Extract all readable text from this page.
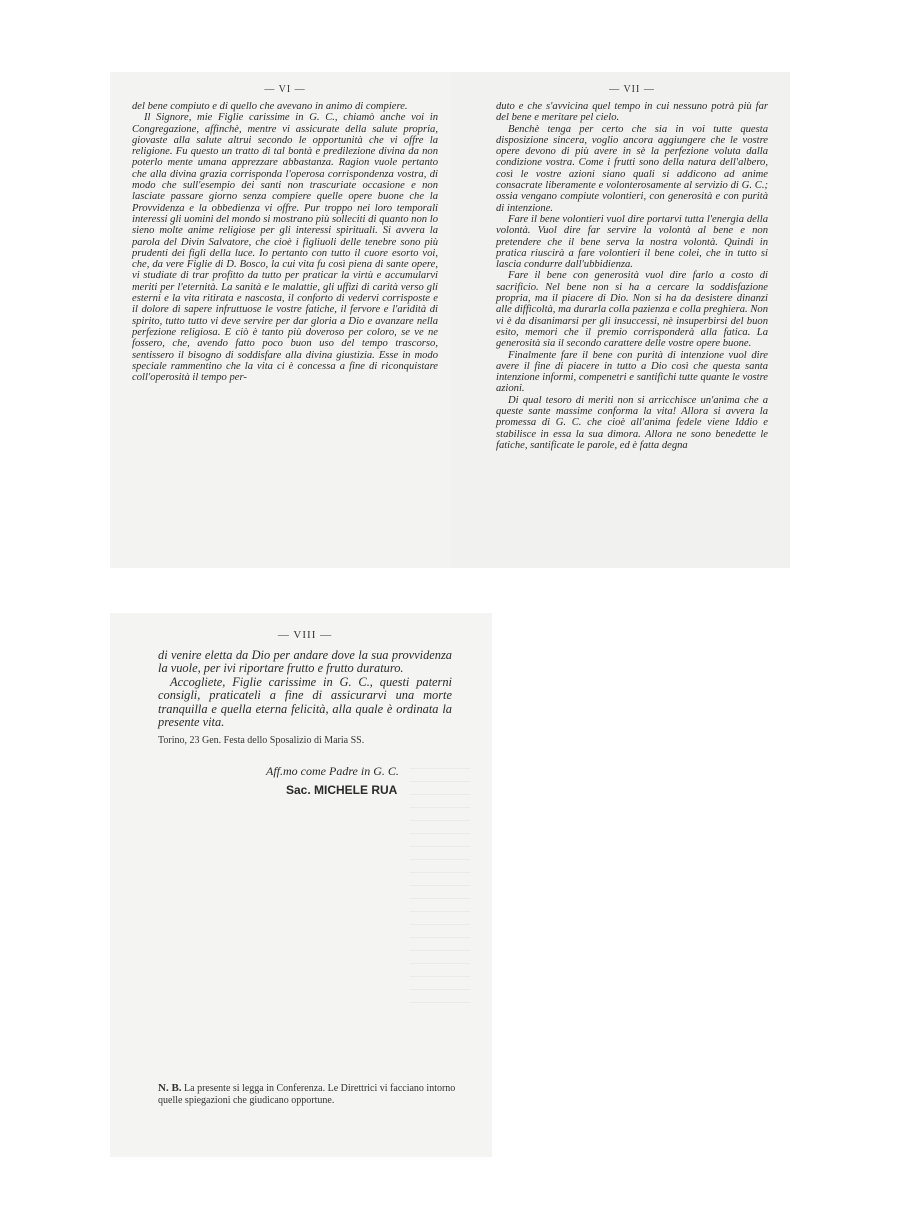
— VI —

del bene compiuto e di quello che avevano in animo di compiere.

Il Signore, mie Figlie carissime in G. C., chiamò anche voi in Congregazione, affinchè, mentre vi assicurate della salute propria, giovaste alla salute altrui secondo le opportunità che vi offre la religione. Fu questo un tratto di tal bontà e predilezione divina da non poterlo mente umana apprezzare abbastanza. Ragion vuole pertanto che alla divina grazia corrisponda l'operosa corrispondenza vostra, di modo che sull'esempio dei santi non trascuriate occasione e non lasciate passare giorno senza compiere quelle opere buone che la Provvidenza e la obbedienza vi offre. Pur troppo nei loro temporali interessi gli uomini del mondo si mostrano più solleciti di quanto non lo sieno molte anime religiose per gli interessi spirituali. Si avvera la parola del Divin Salvatore, che cioè i figliuoli delle tenebre sono più prudenti dei figli della luce. Io pertanto con tutto il cuore esorto voi, che, da vere Figlie di D. Bosco, la cui vita fu così piena di sante opere, vi studiate di trar profitto da tutto per praticar la virtù e accumularvi meriti per l'eternità. La sanità e le malattie, gli uffizi di carità verso gli esterni e la vita ritirata e nascosta, il conforto di vedervi corrisposte e il dolore di sapere infruttuose le vostre fatiche, il fervore e l'aridità di spirito, tutto tutto vi deve servire per dar gloria a Dio e avanzare nella perfezione religiosa. E ciò è tanto più doveroso per coloro, se ve ne fossero, che, avendo fatto poco buon uso del tempo trascorso, sentissero il bisogno di soddisfare alla divina giustizia. Esse in modo speciale rammentino che la vita ci è concessa a fine di riconquistare coll'operosità il tempo per-

— VII —

duto e che s'avvicina quel tempo in cui nessuno potrà più far del bene e meritare pel cielo.

Benchè tenga per certo che sia in voi tutte questa disposizione sincera, voglio ancora aggiungere che le vostre opere devono di più avere in sè la perfezione voluta dalla condizione vostra. Come i frutti sono della natura dell'albero, così le vostre azioni siano quali si addicono ad anime consacrate liberamente e volonterosamente al servizio di G. C.; ossia vengano compiute volontieri, con generosità e con purità di intenzione.

Fare il bene volontieri vuol dire portarvi tutta l'energia della volontà. Vuol dire far servire la volontà al bene e non pretendere che il bene serva la nostra volontà. Quindi in pratica riuscirà a fare volontieri il bene colei, che in tutto si lascia condurre dall'ubbidienza.

Fare il bene con generosità vuol dire farlo a costo di sacrificio. Nel bene non si ha a cercare la soddisfazione propria, ma il piacere di Dio. Non si ha da desistere dinanzi alle difficoltà, ma durarla colla pazienza e colla preghiera. Non vi è da disanimarsi per gli insuccessi, nè insuperbirsi del buon esito, memori che il premio corrisponderà alla fatica. La generosità sia il secondo carattere delle vostre opere buone.

Finalmente fare il bene con purità di intenzione vuol dire avere il fine di piacere in tutto a Dio così che questa santa intenzione informi, compenetri e santifichi tutte quante le vostre azioni.

Di qual tesoro di meriti non si arricchisce un'anima che a queste sante massime conforma la vita! Allora si avvera la promessa di G. C. che cioè all'anima fedele viene Iddio e stabilisce in essa la sua dimora. Allora ne sono benedette le fatiche, santificate le parole, ed è fatta degna

— VIII —

di venire eletta da Dio per andare dove la sua provvidenza la vuole, per ivi riportare frutto e frutto duraturo.

Accogliete, Figlie carissime in G. C., questi paterni consigli, praticateli a fine di assicurarvi una morte tranquilla e quella eterna felicità, alla quale è ordinata la presente vita.

Torino, 23 Gen. Festa dello Sposalizio di Maria SS.
Aff.mo come Padre in G. C.
Sac. MICHELE RUA
N. B. La presente si legga in Conferenza. Le Direttrici vi facciano intorno quelle spiegazioni che giudicano opportune.
